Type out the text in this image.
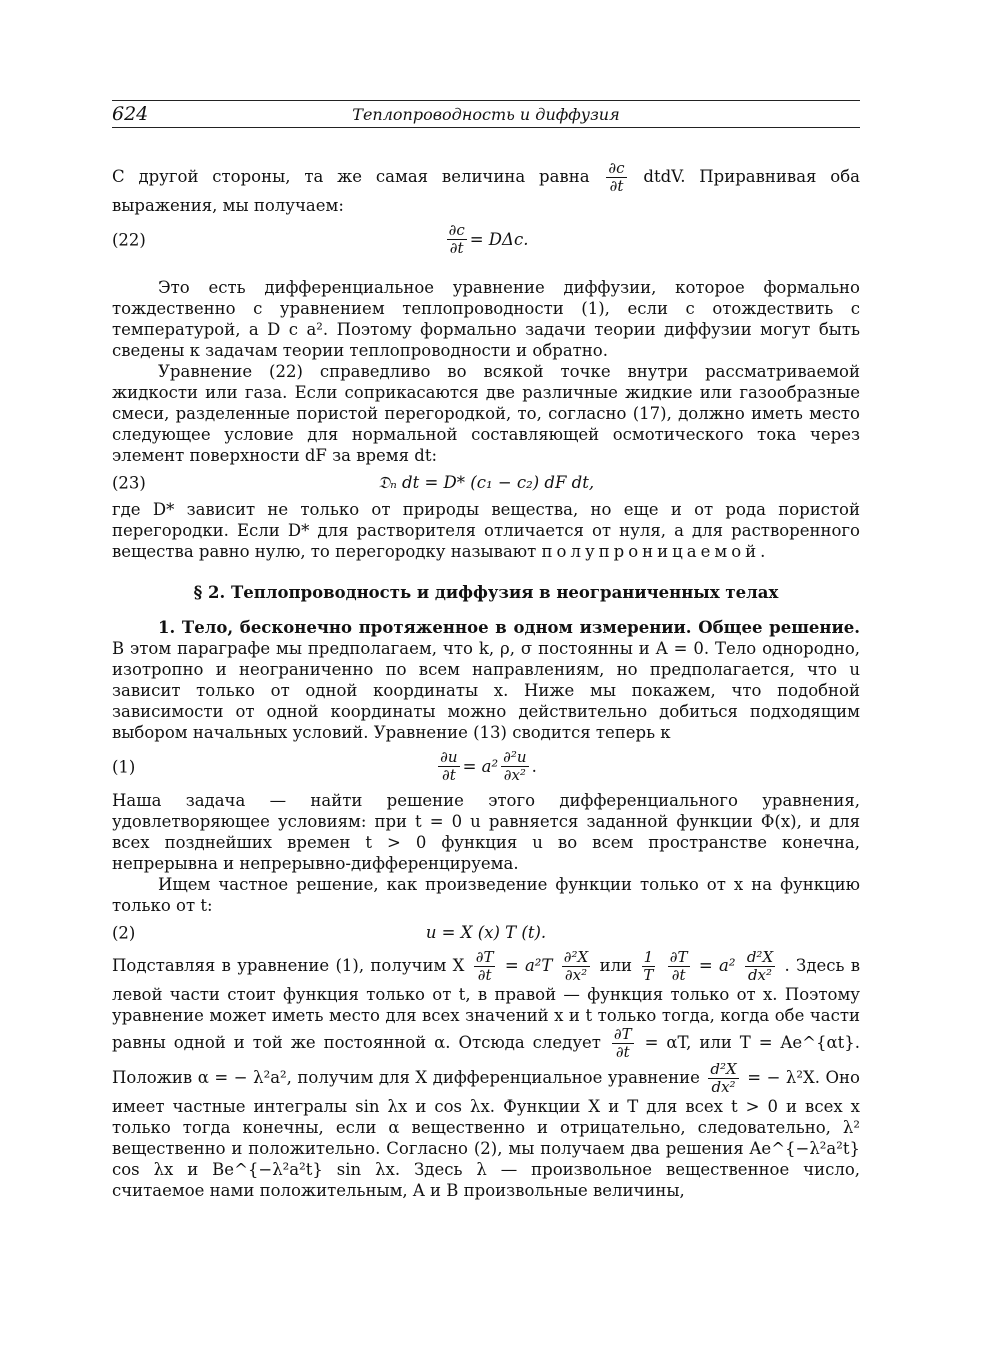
624	Теплопроводность и диффузия

С другой стороны, та же самая величина равна $\frac{\partial c}{\partial t}$ dtdV. Приравнивая оба выражения, мы получаем:

(22)	$\frac{\partial c}{\partial t} = D\Delta c$.

Это есть дифференциальное уравнение диффузии, которое формально тождественно с уравнением теплопроводности (1), если c отождествить с температурой, а D с a². Поэтому формально задачи теории диффузии могут быть сведены к задачам теории теплопроводности и обратно.

Уравнение (22) справедливо во всякой точке внутри рассматриваемой жидкости или газа. Если соприкасаются две различные жидкие или газообразные смеси, разделенные пористой перегородкой, то, согласно (17), должно иметь место следующее условие для нормальной составляющей осмотического тока через элемент поверхности dF за время dt:

(23)	𝔇ₙ dt = D* (c₁ − c₂) dF dt,

где D* зависит не только от природы вещества, но еще и от рода пористой перегородки. Если D* для растворителя отличается от нуля, а для растворенного вещества равно нулю, то перегородку называют полупроницаемой.

§ 2. Теплопроводность и диффузия в неограниченных телах

1. Тело, бесконечно протяженное в одном измерении. Общее решение. В этом параграфе мы предполагаем, что k, ρ, σ постоянны и A = 0. Тело однородно, изотропно и неограниченно по всем направлениям, но предполагается, что u зависит только от одной координаты x. Ниже мы покажем, что подобной зависимости от одной координаты можно действительно добиться подходящим выбором начальных условий. Уравнение (13) сводится теперь к

(1)	$\frac{\partial u}{\partial t} = a^2 \frac{\text{∂²u}}{\text{∂x²}}$ .

Наша задача — найти решение этого дифференциального уравнения, удовлетворяющее условиям: при t = 0 u равняется заданной функции Φ(x), и для всех позднейших времен t > 0 функция u во всем пространстве конечна, непрерывна и непрерывно-дифференцируема.

Ищем частное решение, как произведение функции только от x на функцию только от t:

(2)	u = X (x) T (t).

Подставляя в уравнение (1), получим X $\frac{\partial T}{\partial t} = a^2T \frac{\text{∂²X}}{\text{∂x²}}$ или $\frac{1}{T}$
$\frac{\partial T}{\partial t} = a^2 \frac{\text{d²X}}{\text{dx²}}$ . Здесь в левой части стоит функция только от t, в правой — функция только от x. Поэтому уравнение может иметь место для всех значений x и t только тогда, когда обе части равны одной и той же постоянной α. Отсюда следует $\frac{\partial T}{\partial t} = \alpha T$, или T = Ae^{αt}. Положив α = − λ²a², получим для X дифференциальное уравнение $\frac{\text{d²X}}{\text{dx²}}$ = − λ²X. Оно имеет частные интегралы sin λx и cos λx. Функции X и T для всех t > 0 и всех x только тогда конечны, если α вещественно и отрицательно, следовательно, λ² вещественно и положительно. Согласно (2), мы получаем два решения Ae^{−λ²a²t} cos λx и Be^{−λ²a²t} sin λx. Здесь λ — произвольное вещественное число, считаемое нами положительным, A и B произвольные величины,
